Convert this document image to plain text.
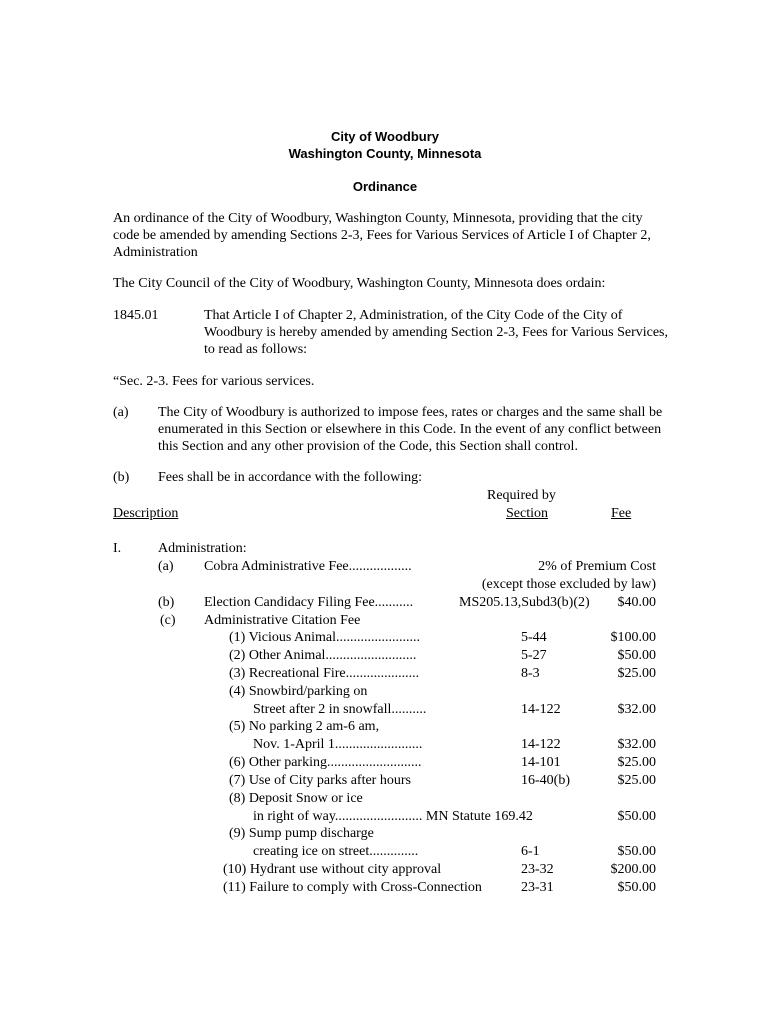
City of Woodbury
Washington County, Minnesota
Ordinance
An ordinance of the City of Woodbury, Washington County, Minnesota, providing that the city
code be amended by amending Sections 2-3, Fees for Various Services of Article I of Chapter 2,
Administration
The City Council of the City of Woodbury, Washington County, Minnesota does ordain:
1845.01	That Article I of Chapter 2, Administration, of the City Code of the City of
Woodbury is hereby amended by amending Section 2-3, Fees for Various Services,
to read as follows:
“Sec. 2-3. Fees for various services.
(a) The City of Woodbury is authorized to impose fees, rates or charges and the same shall be
enumerated in this Section or elsewhere in this Code. In the event of any conflict between
this Section and any other provision of the Code, this Section shall control.
(b) Fees shall be in accordance with the following:
Required by
Description	Section	Fee
I.	Administration:
(a) Cobra Administrative Fee..................	2% of Premium Cost
(except those excluded by law)
(b) Election Candidacy Filing Fee...........	MS205.13,Subd3(b)(2)	$40.00
(c) Administrative Citation Fee
(1) Vicious Animal........................	5-44	$100.00
(2) Other Animal..........................	5-27	$50.00
(3) Recreational Fire.....................	8-3	$25.00
(4) Snowbird/parking on
Street after 2 in snowfall..........	14-122	$32.00
(5) No parking 2 am-6 am,
Nov. 1-April 1.........................	14-122	$32.00
(6) Other parking...........................	14-101	$25.00
(7) Use of City parks after hours	16-40(b)	$25.00
(8) Deposit Snow or ice
in right of way......................... MN Statute 169.42	$50.00
(9) Sump pump discharge
creating ice on street..............	6-1	$50.00
(10) Hydrant use without city approval	23-32	$200.00
(11) Failure to comply with Cross-Connection	23-31	$50.00
